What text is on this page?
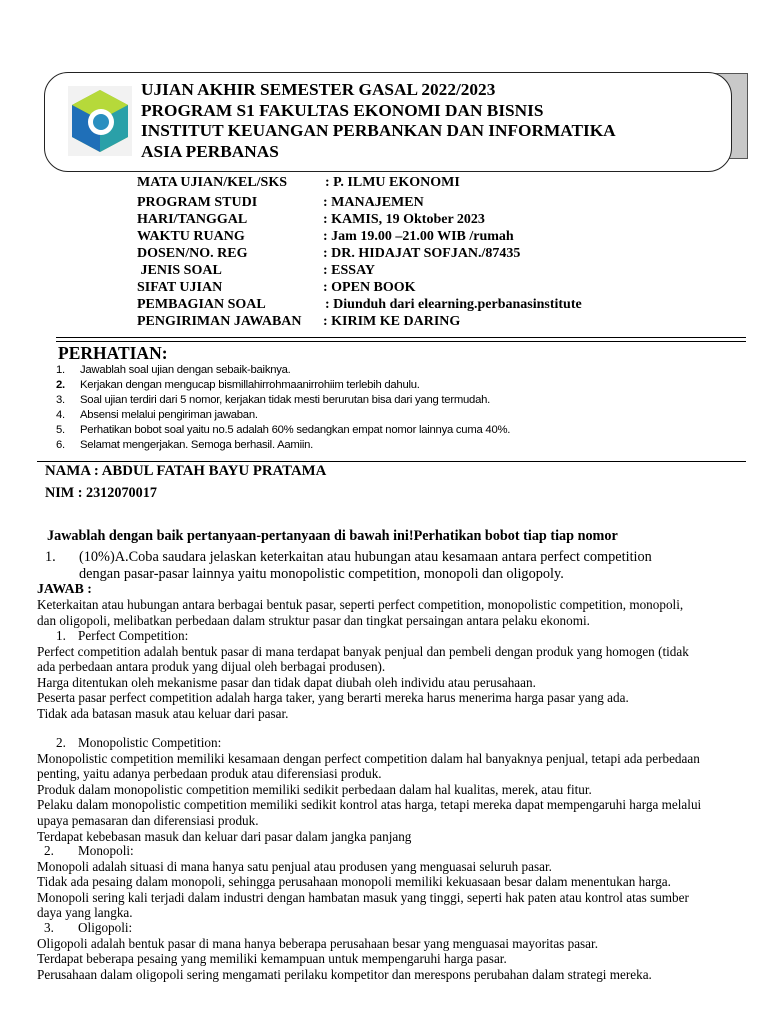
UJIAN AKHIR SEMESTER GASAL 2022/2023
PROGRAM S1 FAKULTAS EKONOMI DAN BISNIS
INSTITUT KEUANGAN PERBANKAN DAN INFORMATIKA
ASIA PERBANAS
MATA UJIAN/KEL/SKS	: P. ILMU EKONOMI
PROGRAM STUDI	: MANAJEMEN
HARI/TANGGAL	: KAMIS, 19 Oktober 2023
WAKTU RUANG	: Jam 19.00 –21.00 WIB /rumah
DOSEN/NO. REG	: DR. HIDAJAT SOFJAN./87435
JENIS SOAL	: ESSAY
SIFAT UJIAN	: OPEN BOOK
PEMBAGIAN SOAL	: Diunduh dari elearning.perbanasinstitute
PENGIRIMAN JAWABAN : KIRIM KE DARING
PERHATIAN:
1. Jawablah soal ujian dengan sebaik-baiknya.
2. Kerjakan dengan mengucap bismillahirrohmaanirrohiim terlebih dahulu.
3. Soal ujian terdiri dari 5 nomor, kerjakan tidak mesti berurutan bisa dari yang termudah.
4. Absensi melalui pengiriman jawaban.
5. Perhatikan bobot soal yaitu no.5 adalah 60% sedangkan empat nomor lainnya cuma 40%.
6. Selamat mengerjakan. Semoga berhasil. Aamiin.
NAMA : ABDUL FATAH BAYU PRATAMA
NIM : 2312070017
Jawablah dengan baik pertanyaan-pertanyaan di bawah ini!Perhatikan bobot tiap tiap nomor
1. (10%)A.Coba saudara jelaskan keterkaitan atau hubungan atau kesamaan antara perfect competition
dengan pasar-pasar lainnya yaitu monopolistic competition, monopoli dan oligopoly.
JAWAB :
Keterkaitan atau hubungan antara berbagai bentuk pasar, seperti perfect competition, monopolistic competition, monopoli,
dan oligopoli, melibatkan perbedaan dalam struktur pasar dan tingkat persaingan antara pelaku ekonomi.
1. Perfect Competition:
Perfect competition adalah bentuk pasar di mana terdapat banyak penjual dan pembeli dengan produk yang homogen (tidak
ada perbedaan antara produk yang dijual oleh berbagai produsen).
Harga ditentukan oleh mekanisme pasar dan tidak dapat diubah oleh individu atau perusahaan.
Peserta pasar perfect competition adalah harga taker, yang berarti mereka harus menerima harga pasar yang ada.
Tidak ada batasan masuk atau keluar dari pasar.
2. Monopolistic Competition:
Monopolistic competition memiliki kesamaan dengan perfect competition dalam hal banyaknya penjual, tetapi ada perbedaan
penting, yaitu adanya perbedaan produk atau diferensiasi produk.
Produk dalam monopolistic competition memiliki sedikit perbedaan dalam hal kualitas, merek, atau fitur.
Pelaku dalam monopolistic competition memiliki sedikit kontrol atas harga, tetapi mereka dapat mempengaruhi harga melalui
upaya pemasaran dan diferensiasi produk.
Terdapat kebebasan masuk dan keluar dari pasar dalam jangka panjang
2. Monopoli:
Monopoli adalah situasi di mana hanya satu penjual atau produsen yang menguasai seluruh pasar.
Tidak ada pesaing dalam monopoli, sehingga perusahaan monopoli memiliki kekuasaan besar dalam menentukan harga.
Monopoli sering kali terjadi dalam industri dengan hambatan masuk yang tinggi, seperti hak paten atau kontrol atas sumber
daya yang langka.
3. Oligopoli:
Oligopoli adalah bentuk pasar di mana hanya beberapa perusahaan besar yang menguasai mayoritas pasar.
Terdapat beberapa pesaing yang memiliki kemampuan untuk mempengaruhi harga pasar.
Perusahaan dalam oligopoli sering mengamati perilaku kompetitor dan merespons perubahan dalam strategi mereka.
